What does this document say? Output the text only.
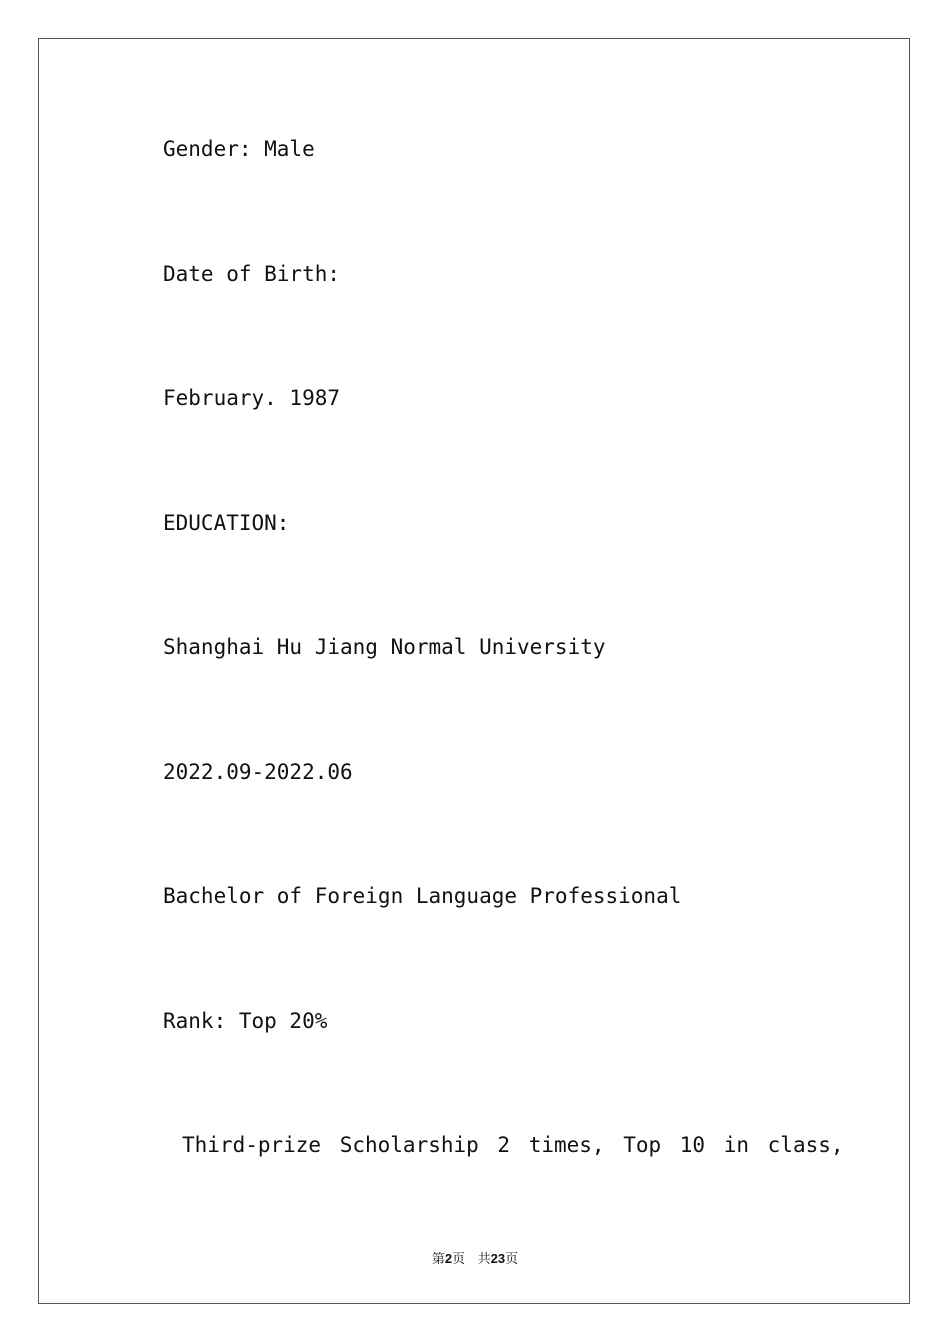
Gender: Male
Date of Birth:
February. 1987
EDUCATION:
Shanghai Hu Jiang Normal University
2022.09-2022.06
Bachelor of Foreign Language Professional
Rank: Top 20%
Third-prize Scholarship 2 times, Top 10 in class,
第2页 共23页
